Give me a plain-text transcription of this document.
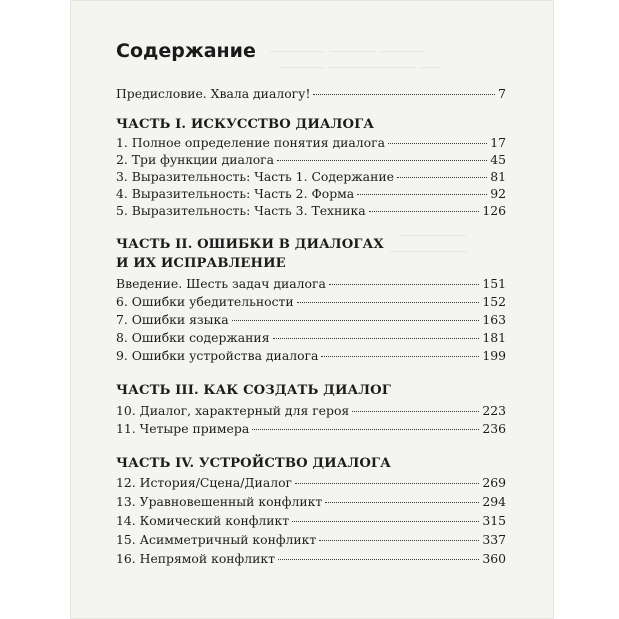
————— ·———— ————
———— ———————— ——
——————
———————
Содержание
Предисловие. Хвала диалогу!	7
ЧАСТЬ I. ИСКУССТВО ДИАЛОГА
1. Полное определение понятия диалога	17
2. Три функции диалога	45
3. Выразительность: Часть 1. Содержание	81
4. Выразительность: Часть 2. Форма	92
5. Выразительность: Часть 3. Техника	126
ЧАСТЬ II. ОШИБКИ В ДИАЛОГАХ
И ИХ ИСПРАВЛЕНИЕ
Введение. Шесть задач диалога	151
6. Ошибки убедительности	152
7. Ошибки языка	163
8. Ошибки содержания	181
9. Ошибки устройства диалога	199
ЧАСТЬ III. КАК СОЗДАТЬ ДИАЛОГ
10. Диалог, характерный для героя	223
11. Четыре примера	236
ЧАСТЬ IV. УСТРОЙСТВО ДИАЛОГА
12. История/Сцена/Диалог	269
13. Уравновешенный конфликт	294
14. Комический конфликт	315
15. Асимметричный конфликт	337
16. Непрямой конфликт	360
